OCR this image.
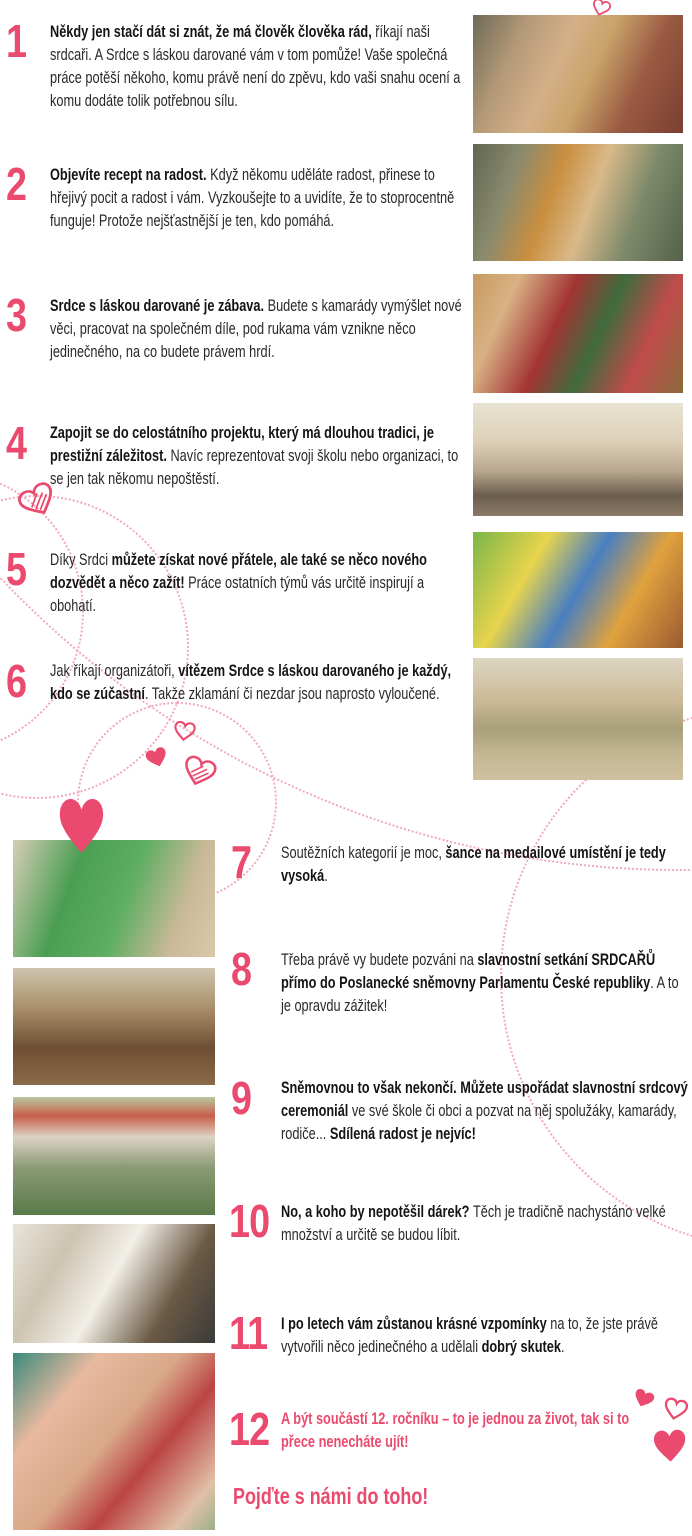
1 Někdy jen stačí dát si znát, že má člověk člověka rád, říkají naši srdcaři. A Srdce s láskou darované vám v tom pomůže! Vaše společná práce potěší někoho, komu právě není do zpěvu, kdo vaši snahu ocení a komu dodáte tolik potřebnou sílu.

2 Objevíte recept na radost. Když někomu uděláte radost, přinese to hřejivý pocit a radost i vám. Vyzkoušejte to a uvidíte, že to stoprocentně funguje! Protože nejšťastnější je ten, kdo pomáhá.

3 Srdce s láskou darované je zábava. Budete s kamarády vymýšlet nové věci, pracovat na společném díle, pod rukama vám vznikne něco jedinečného, na co budete právem hrdí.

4 Zapojit se do celostátního projektu, který má dlouhou tradici, je prestižní záležitost. Navíc reprezentovat svoji školu nebo organizaci, to se jen tak někomu nepoštěstí.

5 Díky Srdci můžete získat nové přátele, ale také se něco nového dozvědět a něco zažít! Práce ostatních týmů vás určitě inspirují a obohatí.

6 Jak říkají organizátoři, vítězem Srdce s láskou darovaného je každý, kdo se zúčastní. Takže zklamání či nezdar jsou naprosto vyloučené.

7 Soutěžních kategorií je moc, šance na medailové umístění je tedy vysoká.

8 Třeba právě vy budete pozváni na slavnostní setkání SRDCAŘŮ přímo do Poslanecké sněmovny Parlamentu České republiky. A to je opravdu zážitek!

9 Sněmovnou to však nekončí. Můžete uspořádat slavnostní srdcový ceremoniál ve své škole či obci a pozvat na něj spolužáky, kamarády, rodiče... Sdílená radost je nejvíc!

10 No, a koho by nepotěšil dárek? Těch je tradičně nachystáno velké množství a určitě se budou líbit.

11 I po letech vám zůstanou krásné vzpomínky na to, že jste právě vytvořili něco jedinečného a udělali dobrý skutek.

12 A být součástí 12. ročníku – to je jednou za život, tak si to přece nenecháte ujít!

Pojďte s námi do toho!
